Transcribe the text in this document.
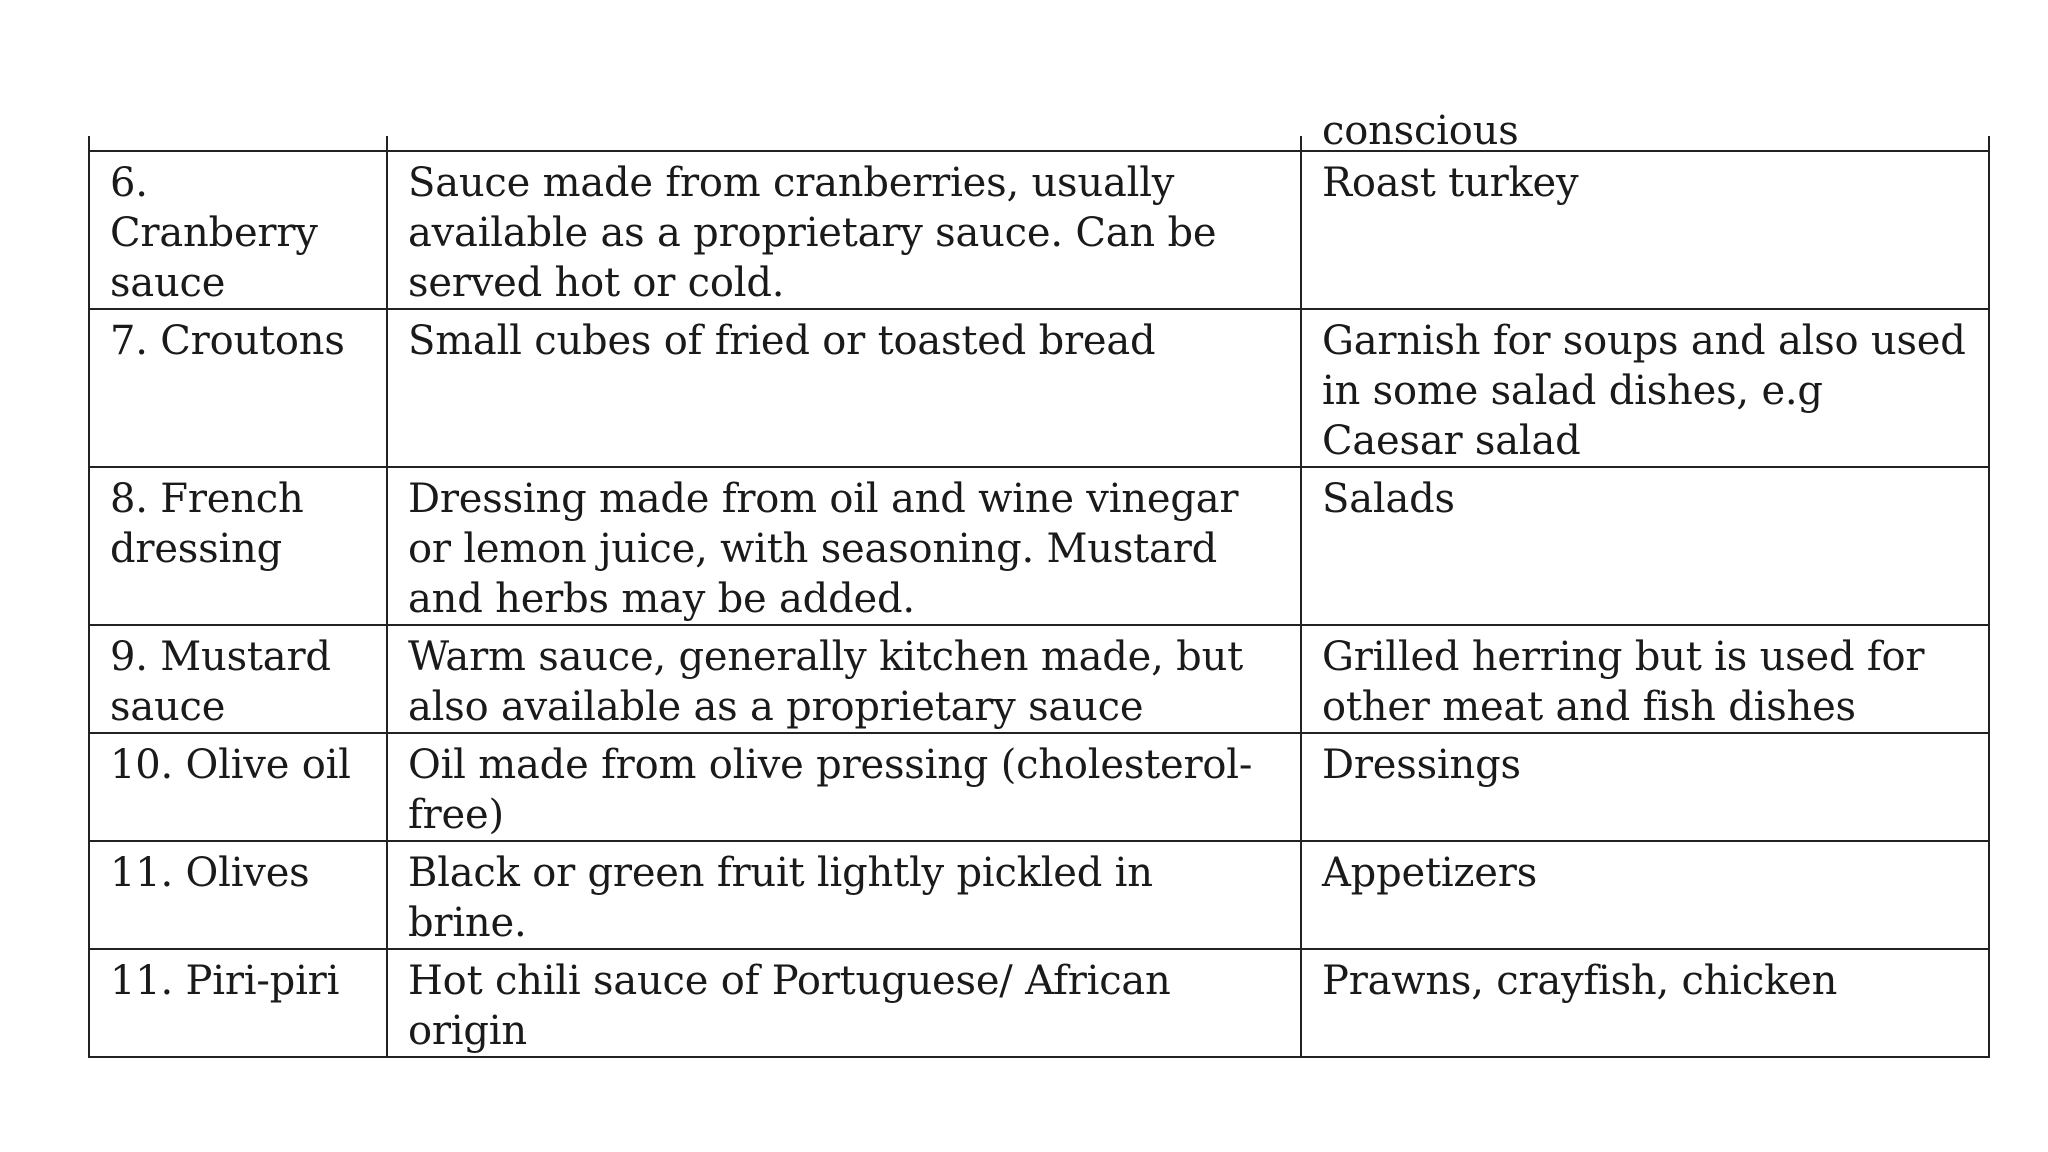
		conscious

6. Cranberry sauce	Sauce made from cranberries, usually available as a proprietary sauce. Can be served hot or cold.	Roast turkey
7. Croutons	Small cubes of fried or toasted bread	Garnish for soups and also used in some salad dishes, e.g Caesar salad
8. French dressing	Dressing made from oil and wine vinegar or lemon juice, with seasoning. Mustard and herbs may be added.	Salads
9. Mustard sauce	Warm sauce, generally kitchen made, but also available as a proprietary sauce	Grilled herring but is used for other meat and fish dishes
10. Olive oil	Oil made from olive pressing (cholesterol-free)	Dressings
11. Olives	Black or green fruit lightly pickled in brine.	Appetizers
11. Piri-piri	Hot chili sauce of Portuguese/ African origin	Prawns, crayfish, chicken
